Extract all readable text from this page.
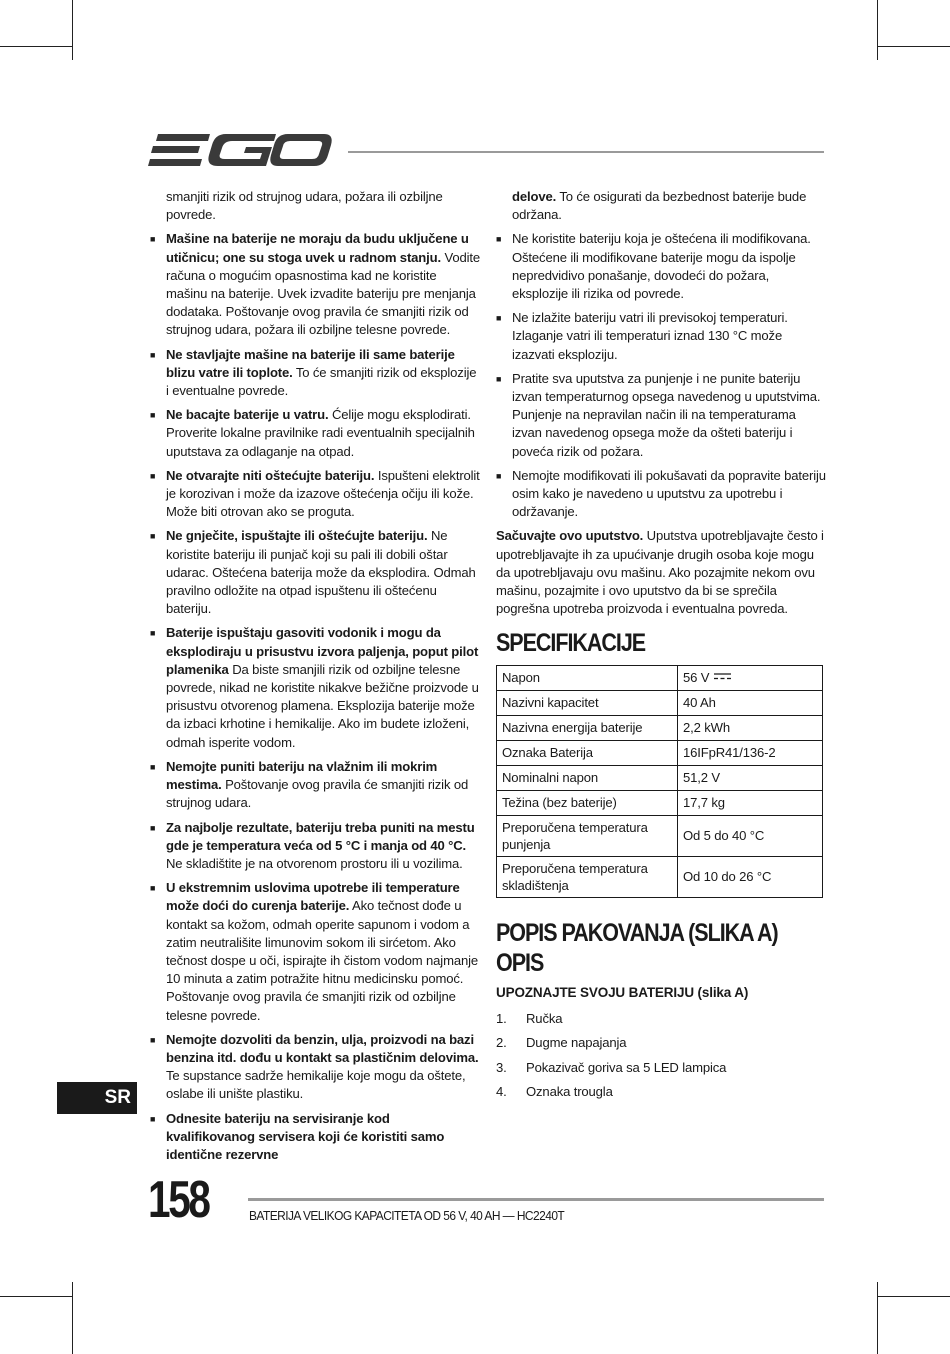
smanjiti rizik od strujnog udara, požara ili ozbiljne povrede.

■ Mašine na baterije ne moraju da budu uključene u utičnicu; one su stoga uvek u radnom stanju. Vodite računa o mogućim opasnostima kad ne koristite mašinu na baterije. Uvek izvadite bateriju pre menjanja dodataka. Poštovanje ovog pravila će smanjiti rizik od strujnog udara, požara ili ozbiljne telesne povrede.
■ Ne stavljajte mašine na baterije ili same baterije blizu vatre ili toplote. To će smanjiti rizik od eksplozije i eventualne povrede.
■ Ne bacajte baterije u vatru. Ćelije mogu eksplodirati. Proverite lokalne pravilnike radi eventualnih specijalnih uputstava za odlaganje na otpad.
■ Ne otvarajte niti oštećujte bateriju. Ispušteni elektrolit je korozivan i može da izazove oštećenja očiju ili kože. Može biti otrovan ako se proguta.
■ Ne gnječite, ispuštajte ili oštećujte bateriju. Ne koristite bateriju ili punjač koji su pali ili dobili oštar udarac. Oštećena baterija može da eksplodira. Odmah pravilno odložite na otpad ispuštenu ili oštećenu bateriju.
■ Baterije ispuštaju gasoviti vodonik i mogu da eksplodiraju u prisustvu izvora paljenja, poput pilot plamenika Da biste smanjili rizik od ozbiljne telesne povrede, nikad ne koristite nikakve bežične proizvode u prisustvu otvorenog plamena. Eksplozija baterije može da izbaci krhotine i hemikalije. Ako im budete izloženi, odmah isperite vodom.
■ Nemojte puniti bateriju na vlažnim ili mokrim mestima. Poštovanje ovog pravila će smanjiti rizik od strujnog udara.
■ Za najbolje rezultate, bateriju treba puniti na mestu gde je temperatura veća od 5 °C i manja od 40 °C. Ne skladištite je na otvorenom prostoru ili u vozilima.
■ U ekstremnim uslovima upotrebe ili temperature može doći do curenja baterije. Ako tečnost dođe u kontakt sa kožom, odmah operite sapunom i vodom a zatim neutrališite limunovim sokom ili sirćetom. Ako tečnost dospe u oči, ispirajte ih čistom vodom najmanje 10 minuta a zatim potražite hitnu medicinsku pomoć. Poštovanje ovog pravila će smanjiti rizik od ozbiljne telesne povrede.
■ Nemojte dozvoliti da benzin, ulja, proizvodi na bazi benzina itd. dođu u kontakt sa plastičnim delovima. Te supstance sadrže hemikalije koje mogu da oštete, oslabe ili unište plastiku.
■ Odnesite bateriju na servisiranje kod kvalifikovanog servisera koji će koristiti samo identične rezervne

delove. To će osigurati da bezbednost baterije bude održana.

■ Ne koristite bateriju koja je oštećena ili modifikovana. Oštećene ili modifikovane baterije mogu da ispolje nepredvidivo ponašanje, dovodeći do požara, eksplozije ili rizika od povrede.
■ Ne izlažite bateriju vatri ili previsokoj temperaturi. Izlaganje vatri ili temperaturi iznad 130 °C može izazvati eksploziju.
■ Pratite sva uputstva za punjenje i ne punite bateriju izvan temperaturnog opsega navedenog u uputstvima. Punjenje na nepravilan način ili na temperaturama izvan navedenog opsega može da ošteti bateriju i poveća rizik od požara.
■ Nemojte modifikovati ili pokušavati da popravite bateriju osim kako je navedeno u uputstvu za upotrebu i održavanje.

Sačuvajte ovo uputstvo. Uputstva upotrebljavajte često i upotrebljavajte ih za upućivanje drugih osoba koje mogu da upotrebljavaju ovu mašinu. Ako pozajmite nekom ovu mašinu, pozajmite i ovo uputstvo da bi se sprečila pogrešna upotreba proizvoda i eventualna povreda.

SPECIFIKACIJE
Napon	56 V
Nazivni kapacitet	40 Ah
Nazivna energija baterije	2,2 kWh
Oznaka Baterija	16IFpR41/136-2
Nominalni napon	51,2 V
Težina (bez baterije)	17,7 kg
Preporučena temperatura punjenja	Od 5 do 40 °C
Preporučena temperatura skladištenja	Od 10 do 26 °C
POPIS PAKOVANJA (SLIKA A)
OPIS
UPOZNAJTE SVOJU BATERIJU (slika A)
1.	Ručka
2.	Dugme napajanja
3.	Pokazivač goriva sa 5 LED lampica
4.	Oznaka trougla
SR
158	BATERIJA VELIKOG KAPACITETA OD 56 V, 40 AH — HC2240T
